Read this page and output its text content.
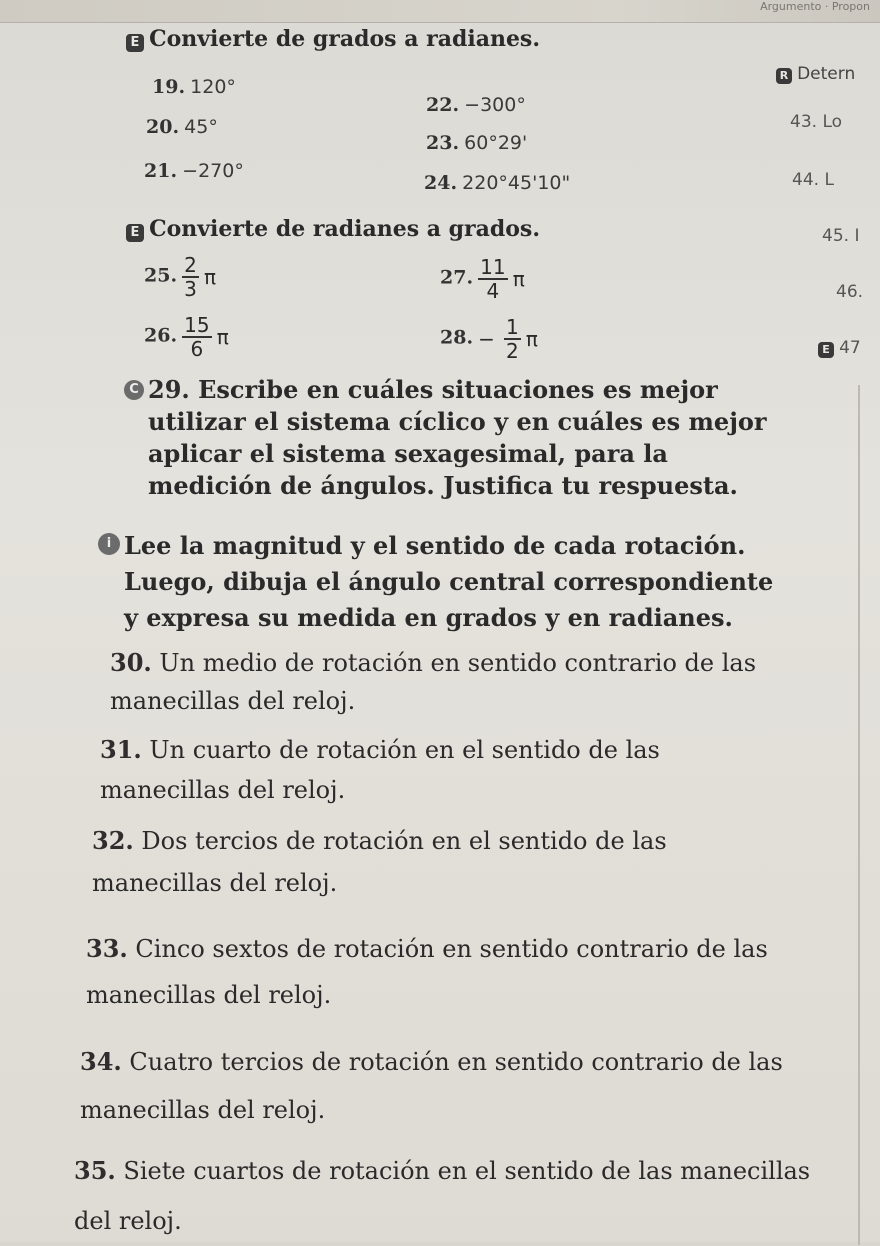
Argumento · Propon
E Convierte de grados a radianes.
19. 120°
20. 45°
21. −270°
22. −300°
23. 60°29'
24. 220°45'10"
E Convierte de radianes a grados.
25. $\frac{2}{3}$ π
26. $\frac{15}{6}$ π
27. $\frac{11}{4}$ π
28. − $\frac{1}{2}$ π
R Detern
43. Lo
44. L
45. I
46.
E 47
C 29. Escribe en cuáles situaciones es mejor utilizar el sistema cíclico y en cuáles es mejor aplicar el sistema sexagesimal, para la medición de ángulos. Justifica tu respuesta.
i Lee la magnitud y el sentido de cada rotación. Luego, dibuja el ángulo central correspondiente y expresa su medida en grados y en radianes.
30. Un medio de rotación en sentido contrario de las manecillas del reloj.
31. Un cuarto de rotación en el sentido de las manecillas del reloj.
32. Dos tercios de rotación en el sentido de las manecillas del reloj.
33. Cinco sextos de rotación en sentido contrario de las manecillas del reloj.
34. Cuatro tercios de rotación en sentido contrario de las manecillas del reloj.
35. Siete cuartos de rotación en el sentido de las manecillas del reloj.
